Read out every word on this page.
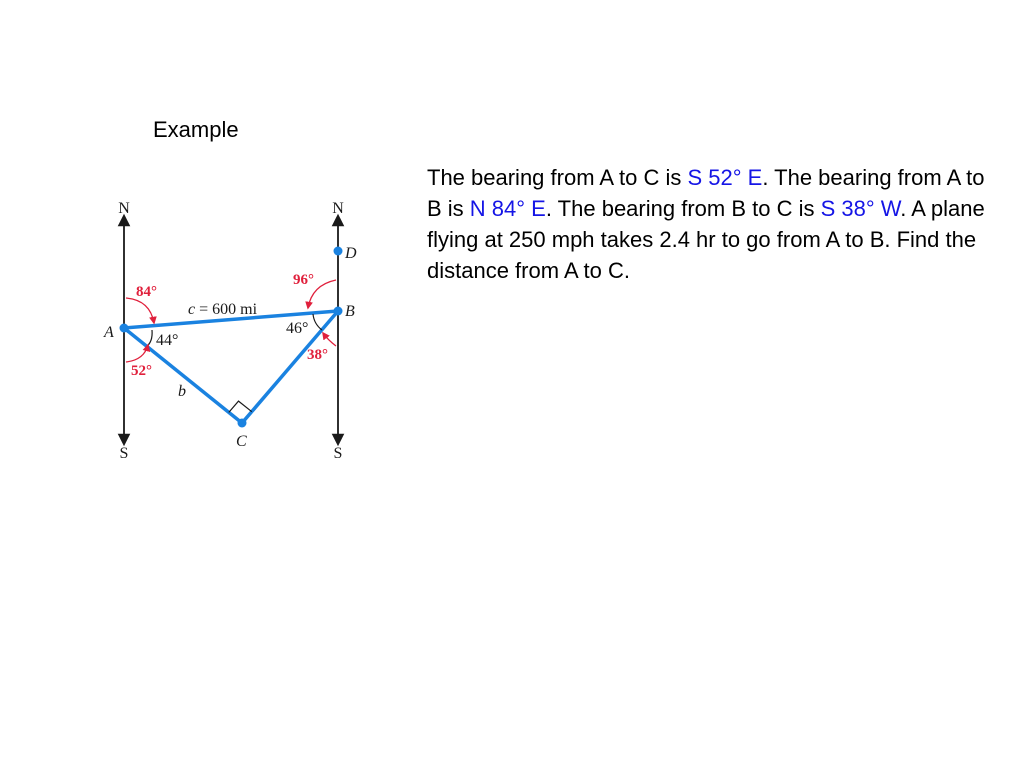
Example
The bearing from A to C is S 52° E. The bearing from A to B is N 84° E. The bearing from B to C is S 38° W. A plane flying at 250 mph takes 2.4 hr to go from A to B. Find the distance from A to C.
N	N
S	S
A
B
C
D
c = 600 mi
b
44°
46°
84°
96°
52°
38°
